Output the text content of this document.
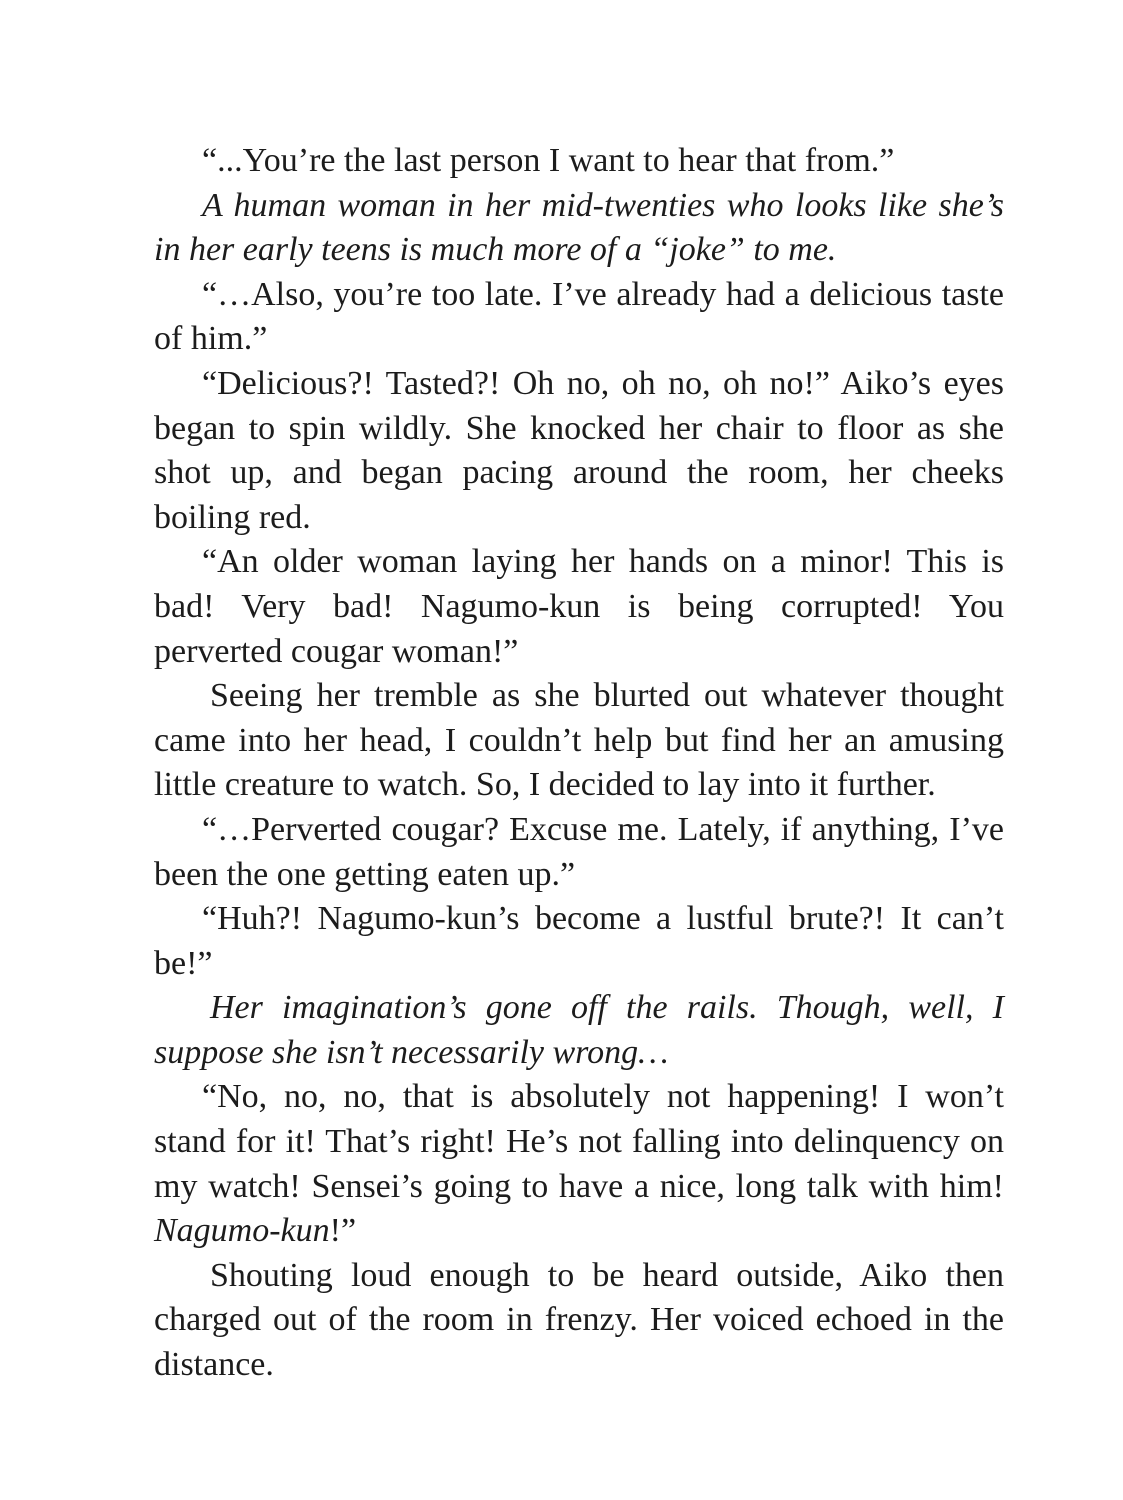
“...You’re the last person I want to hear that from.”

A human woman in her mid-twenties who looks like she’s in her early teens is much more of a “joke” to me.

“…Also, you’re too late. I’ve already had a delicious taste of him.”

“Delicious?! Tasted?! Oh no, oh no, oh no!” Aiko’s eyes began to spin wildly. She knocked her chair to floor as she shot up, and began pacing around the room, her cheeks boiling red.

“An older woman laying her hands on a minor! This is bad! Very bad! Nagumo-kun is being corrupted! You perverted cougar woman!”

Seeing her tremble as she blurted out whatever thought came into her head, I couldn’t help but find her an amusing little creature to watch. So, I decided to lay into it further.

“…Perverted cougar? Excuse me. Lately, if anything, I’ve been the one getting eaten up.”

“Huh?! Nagumo-kun’s become a lustful brute?! It can’t be!”

Her imagination’s gone off the rails. Though, well, I suppose she isn’t necessarily wrong…

“No, no, no, that is absolutely not happening! I won’t stand for it! That’s right! He’s not falling into delinquency on my watch! Sensei’s going to have a nice, long talk with him! Nagumo-kun!”

Shouting loud enough to be heard outside, Aiko then charged out of the room in frenzy. Her voiced echoed in the distance.
